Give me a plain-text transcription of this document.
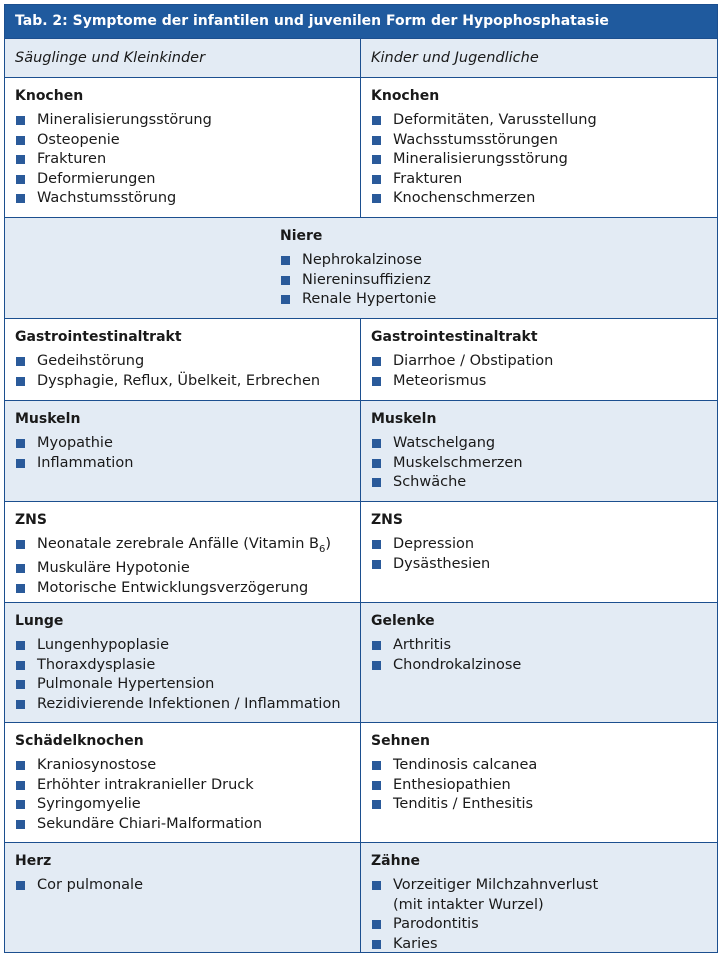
Tab. 2: Symptome der infantilen und juvenilen Form der Hypophosphatasie
Säuglinge und Kleinkinder	Kinder und Jugendliche
Knochen
Mineralisierungsstörung
Osteopenie
Frakturen
Deformierungen
Wachstumsstörung
Knochen
Deformitäten, Varusstellung
Wachsstumsstörungen
Mineralisierungsstörung
Frakturen
Knochenschmerzen
Niere
Nephrokalzinose
Niereninsuffizienz
Renale Hypertonie
Gastrointestinaltrakt
Gedeihstörung
Dysphagie, Reflux, Übelkeit, Erbrechen
Gastrointestinaltrakt
Diarrhoe / Obstipation
Meteorismus
Muskeln
Myopathie
Inflammation
Muskeln
Watschelgang
Muskelschmerzen
Schwäche
ZNS
Neonatale zerebrale Anfälle (Vitamin $B_6$)
Muskuläre Hypotonie
Motorische Entwicklungsverzögerung
ZNS
Depression
Dysästhesien
Lunge
Lungenhypoplasie
Thoraxdysplasie
Pulmonale Hypertension
Rezidivierende Infektionen / Inflammation
Gelenke
Arthritis
Chondrokalzinose
Schädelknochen
Kraniosynostose
Erhöhter intrakranieller Druck
Syringomyelie
Sekundäre Chiari-Malformation
Sehnen
Tendinosis calcanea
Enthesiopathien
Tenditis / Enthesitis
Herz
Cor pulmonale
Zähne
Vorzeitiger Milchzahnverlust
(mit intakter Wurzel)
Parodontitis
Karies
